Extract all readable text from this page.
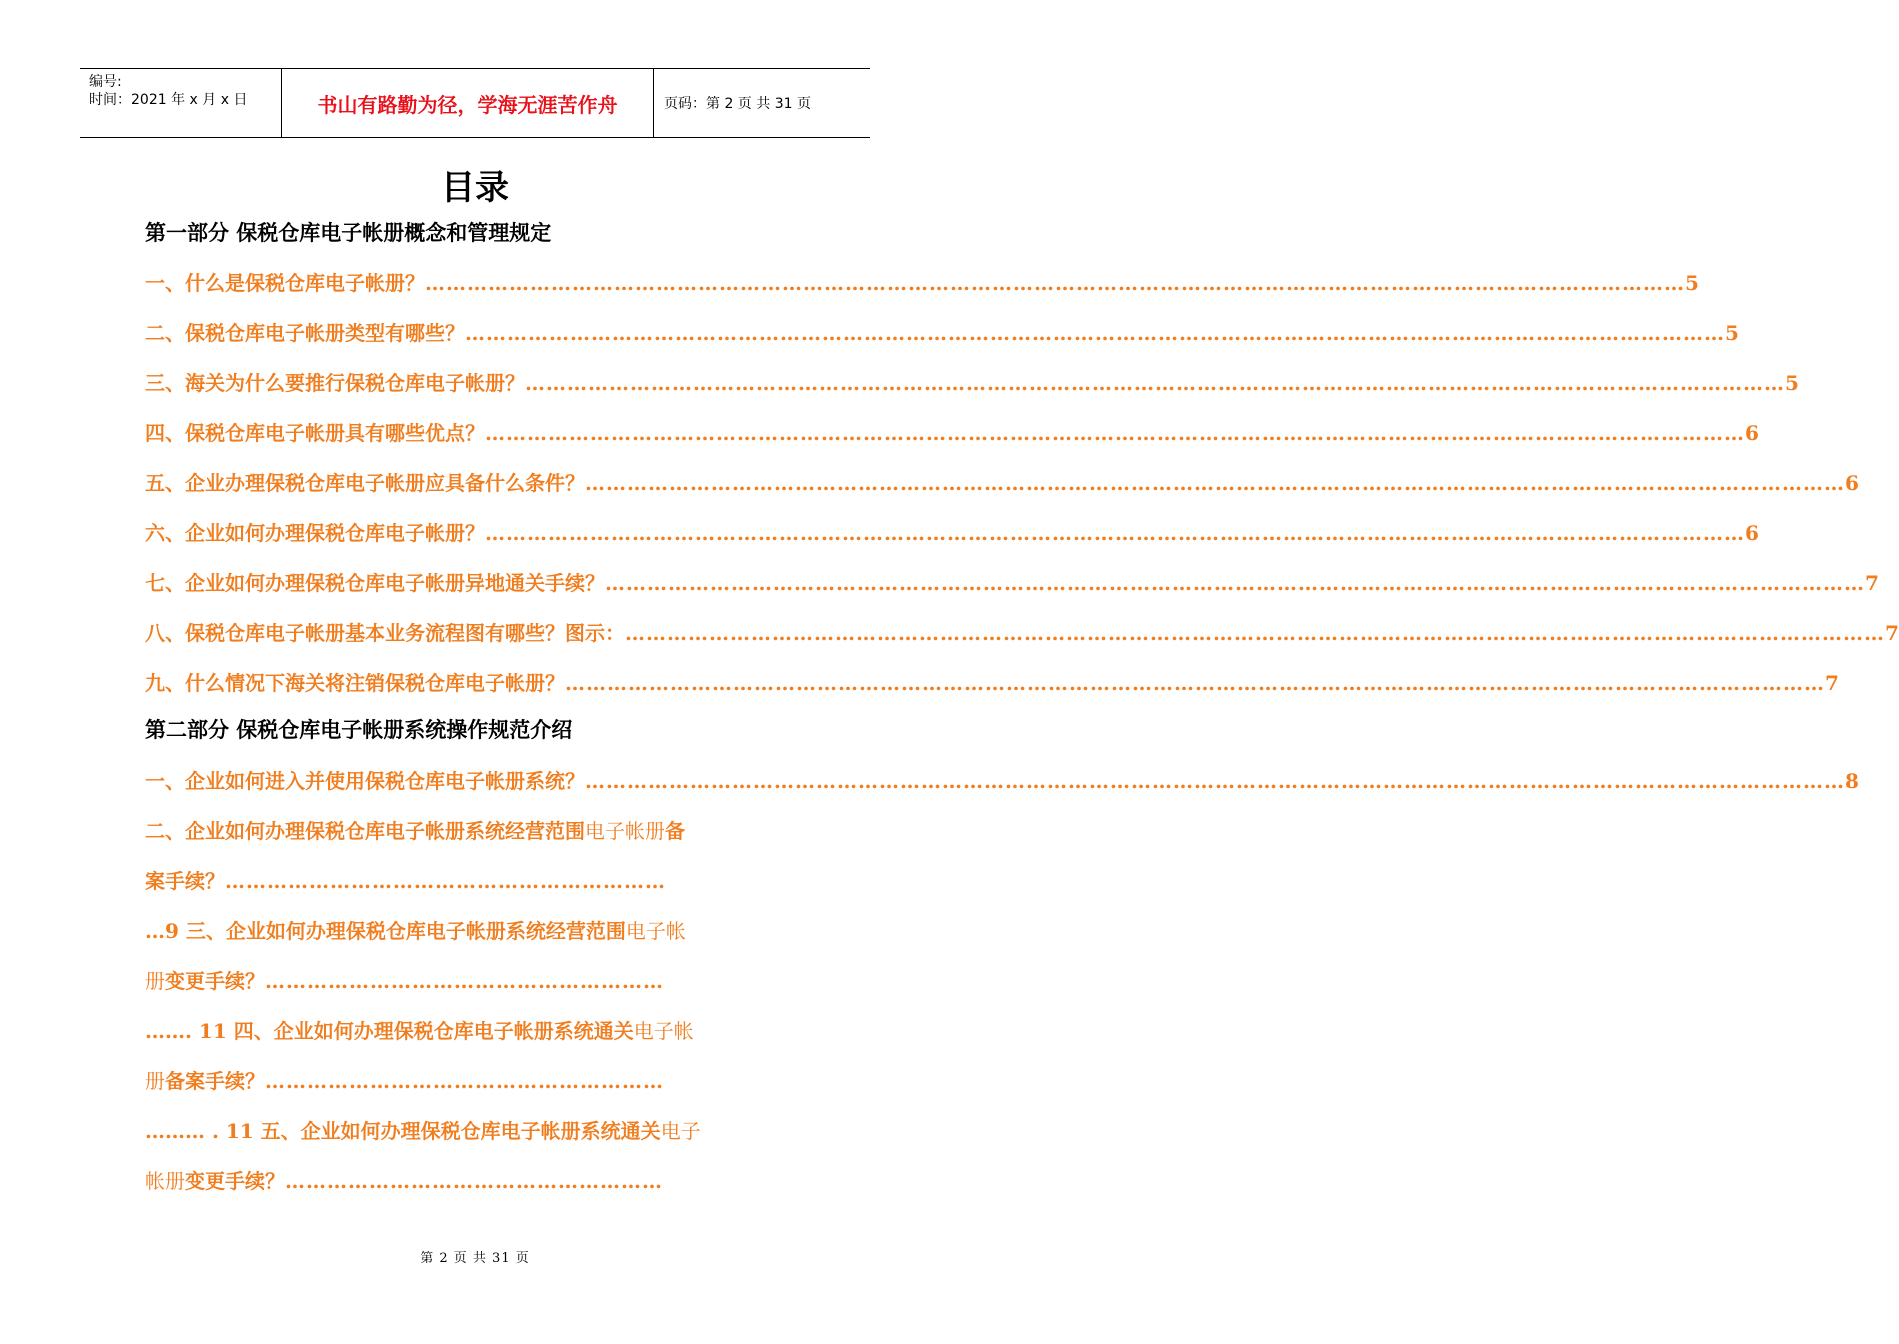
编号:
时间：2021 年 x 月 x 日	书山有路勤为径，学海无涯苦作舟	页码：第 2 页 共 31 页
目录
第一部分 保税仓库电子帐册概念和管理规定
一、什么是保税仓库电子帐册？ ……………………………………………………………………………………………………………………………………………………………… 5
二、保税仓库电子帐册类型有哪些？ ……………………………………………………………………………………………………………………………………………………………… 5
三、海关为什么要推行保税仓库电子帐册？ ……………………………………………………………………………………………………………………………………………………………… 5
四、保税仓库电子帐册具有哪些优点？ ……………………………………………………………………………………………………………………………………………………………… 6
五、企业办理保税仓库电子帐册应具备什么条件？ ……………………………………………………………………………………………………………………………………………………………… 6
六、企业如何办理保税仓库电子帐册？ ……………………………………………………………………………………………………………………………………………………………… 6
七、企业如何办理保税仓库电子帐册异地通关手续？ ……………………………………………………………………………………………………………………………………………………………… 7
八、保税仓库电子帐册基本业务流程图有哪些？图示： ……………………………………………………………………………………………………………………………………………………………… 7
九、什么情况下海关将注销保税仓库电子帐册？ ……………………………………………………………………………………………………………………………………………………………… 7
第二部分 保税仓库电子帐册系统操作规范介绍
一、企业如何进入并使用保税仓库电子帐册系统？ ……………………………………………………………………………………………………………………………………………………………… 8
二、企业如何办理保税仓库电子帐册系统经营范围电子帐册备
案手续？………………………………………………………
…9 三、企业如何办理保税仓库电子帐册系统经营范围电子帐
册变更手续？…………………………………………………
……. 11 四、企业如何办理保税仓库电子帐册系统通关电子帐
册备案手续？…………………………………………………
……… . 11 五、企业如何办理保税仓库电子帐册系统通关电子
帐册变更手续？………………………………………………
第 2 页 共 31 页
